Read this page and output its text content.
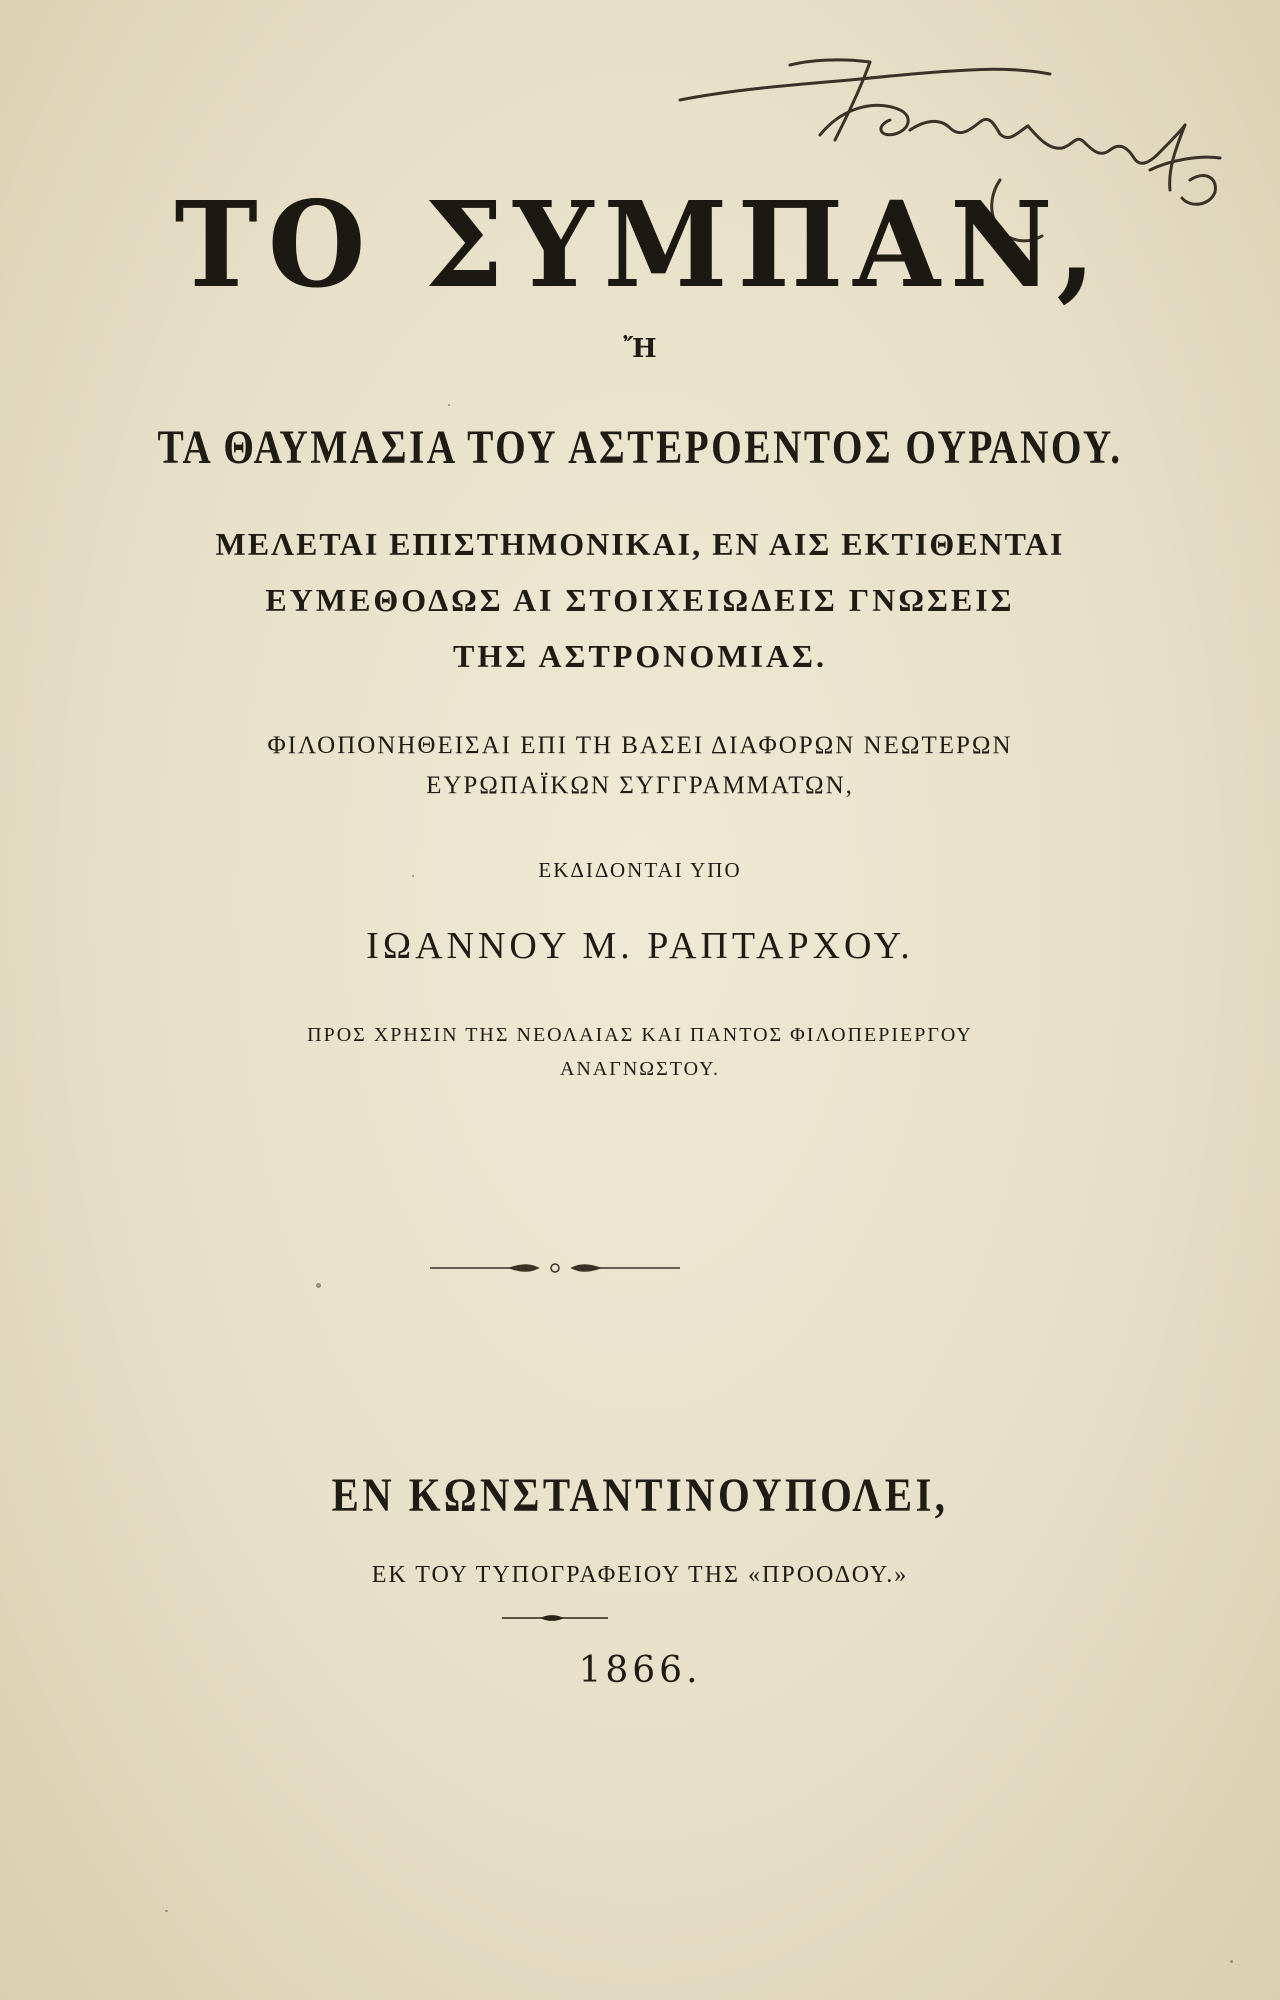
ΤΟ ΣΥΜΠΑΝ,
Ἤ
ΤΑ ΘΑΥΜΑΣΙΑ ΤΟΥ ΑΣΤΕΡΟΕΝΤΟΣ ΟΥΡΑΝΟΥ.
ΜΕΛΕΤΑΙ ΕΠΙΣΤΗΜΟΝΙΚΑΙ, ΕΝ ΑΙΣ ΕΚΤΙΘΕΝΤΑΙ
ΕΥΜΕΘΟΔΩΣ ΑΙ ΣΤΟΙΧΕΙΩΔΕΙΣ ΓΝΩΣΕΙΣ
ΤΗΣ ΑΣΤΡΟΝΟΜΙΑΣ.
ΦΙΛΟΠΟΝΗΘΕΙΣΑΙ ΕΠΙ ΤΗ ΒΑΣΕΙ ΔΙΑΦΟΡΩΝ ΝΕΩΤΕΡΩΝ
ΕΥΡΩΠΑΪΚΩΝ ΣΥΓΓΡΑΜΜΑΤΩΝ,
ΕΚΔΙΔΟΝΤΑΙ ΥΠΟ
ΙΩΑΝΝΟΥ Μ. ΡΑΠΤΑΡΧΟΥ.
ΠΡΟΣ ΧΡΗΣΙΝ ΤΗΣ ΝΕΟΛΑΙΑΣ ΚΑΙ ΠΑΝΤΟΣ ΦΙΛΟΠΕΡΙΕΡΓΟΥ
ΑΝΑΓΝΩΣΤΟΥ.
ΕΝ ΚΩΝΣΤΑΝΤΙΝΟΥΠΟΛΕΙ,
ΕΚ ΤΟΥ ΤΥΠΟΓΡΑΦΕΙΟΥ ΤΗΣ «ΠΡΟΟΔΟΥ.»
1866.
